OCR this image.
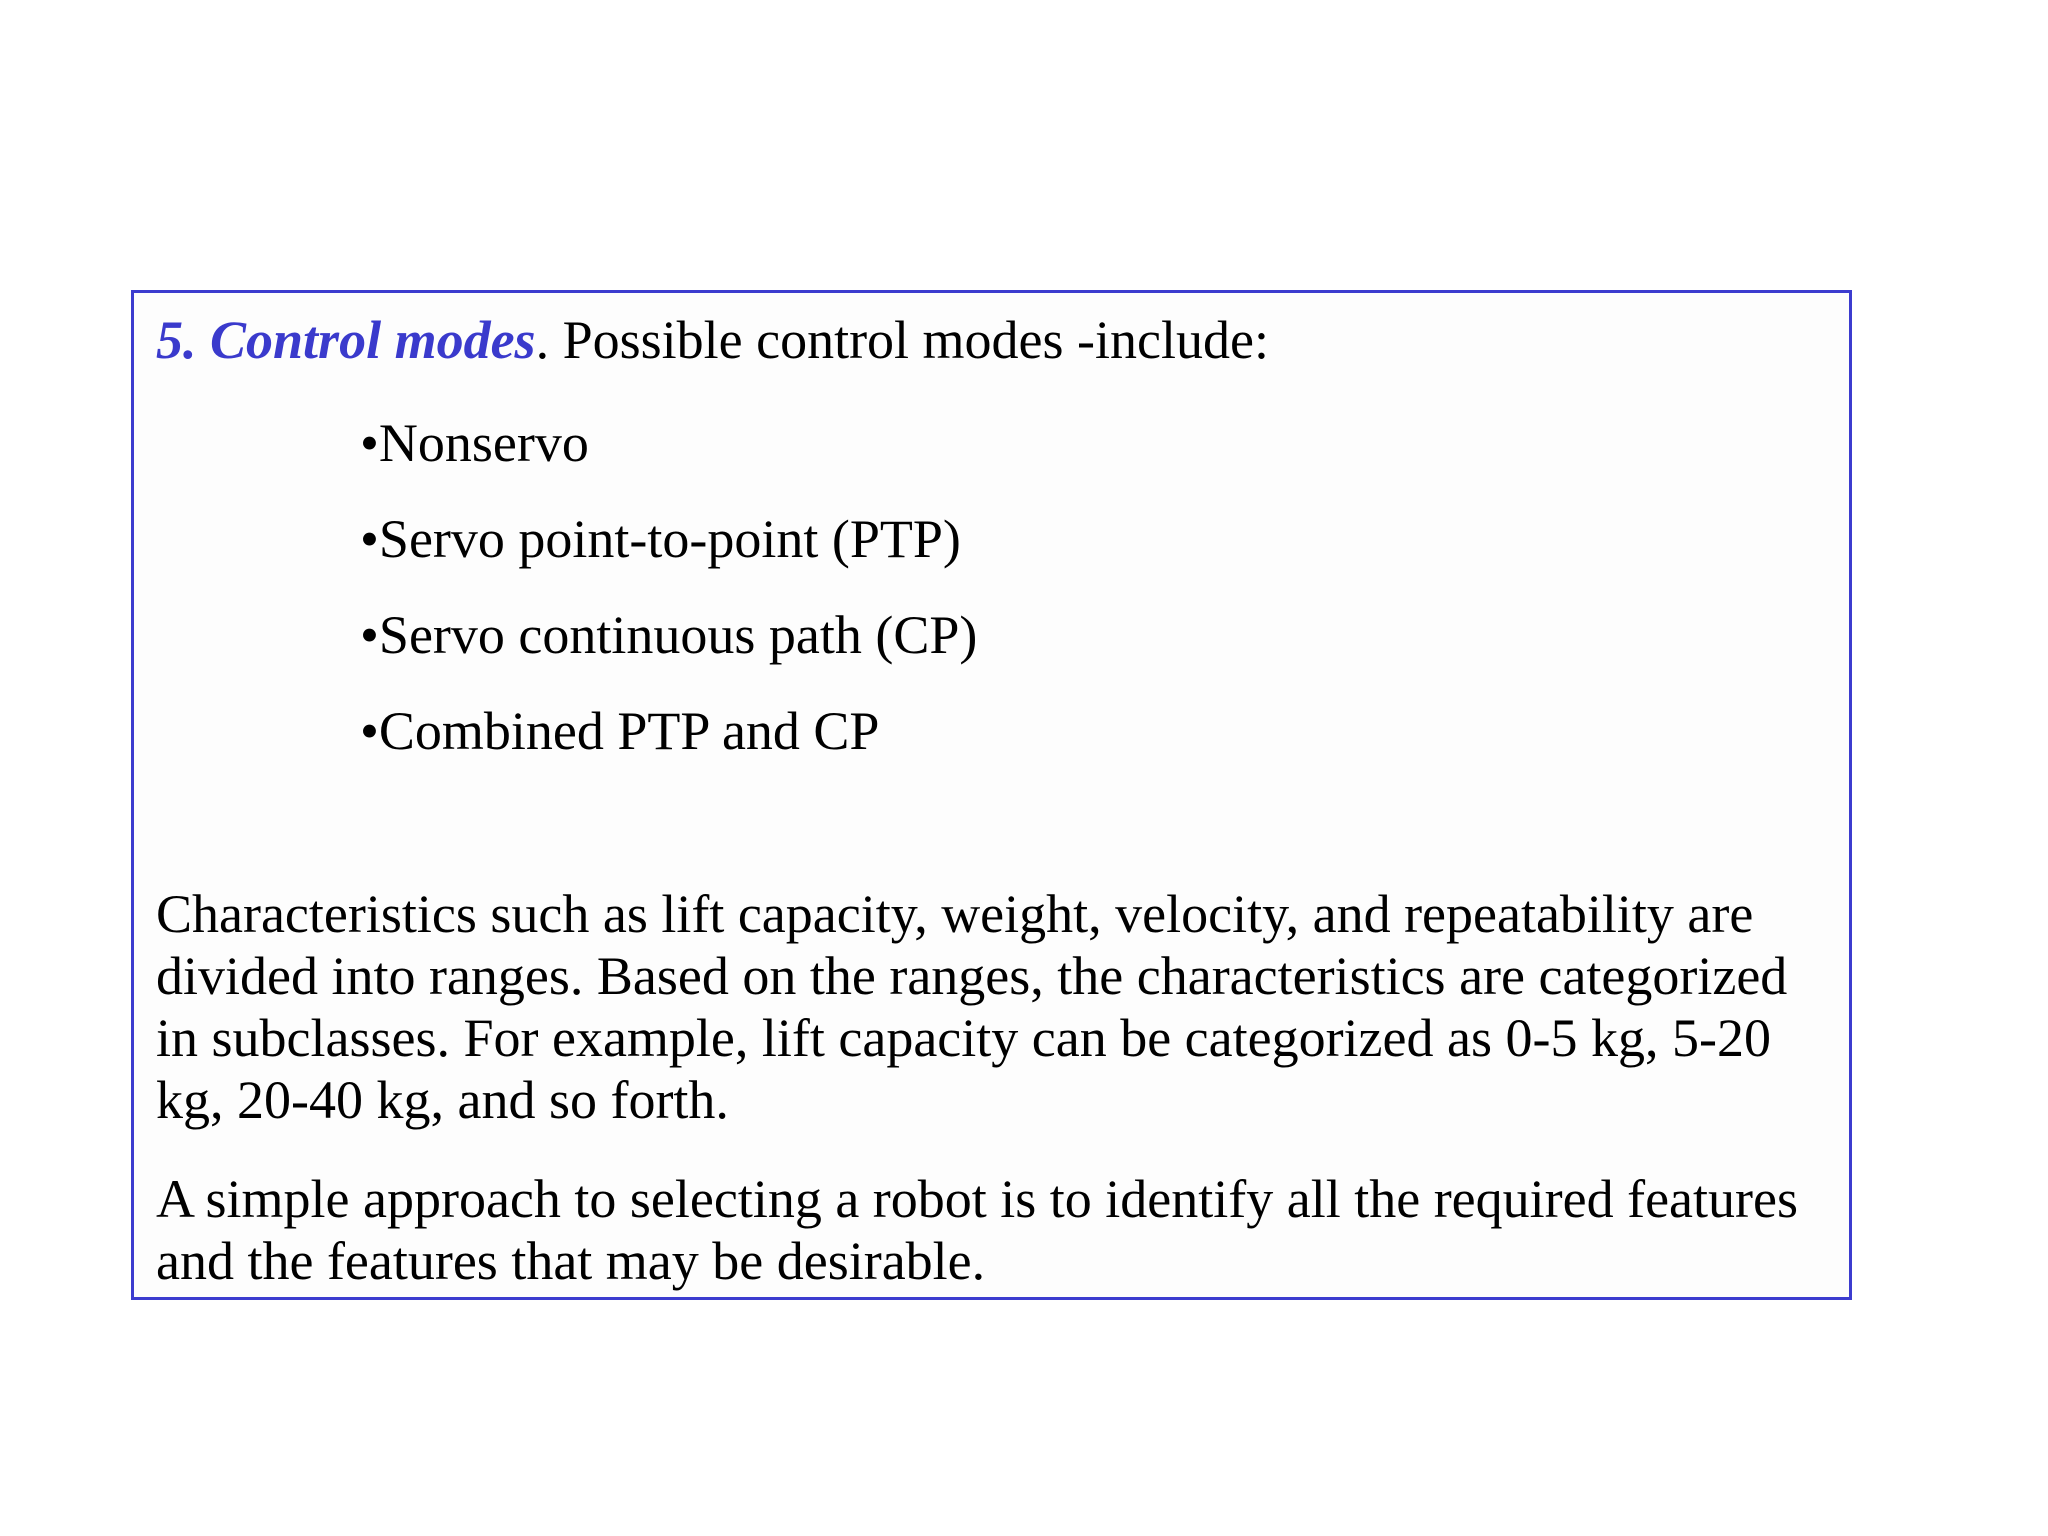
5. Control modes. Possible control modes -include:
•Nonservo
•Servo point-to-point (PTP)
•Servo continuous path (CP)
•Combined PTP and CP

Characteristics such as lift capacity, weight, velocity, and repeatability are divided into ranges. Based on the ranges, the characteristics are categorized in subclasses. For example, lift capacity can be categorized as 0-5 kg, 5-20 kg, 20-40 kg, and so forth.

A simple approach to selecting a robot is to identify all the required features and the features that may be desirable.
